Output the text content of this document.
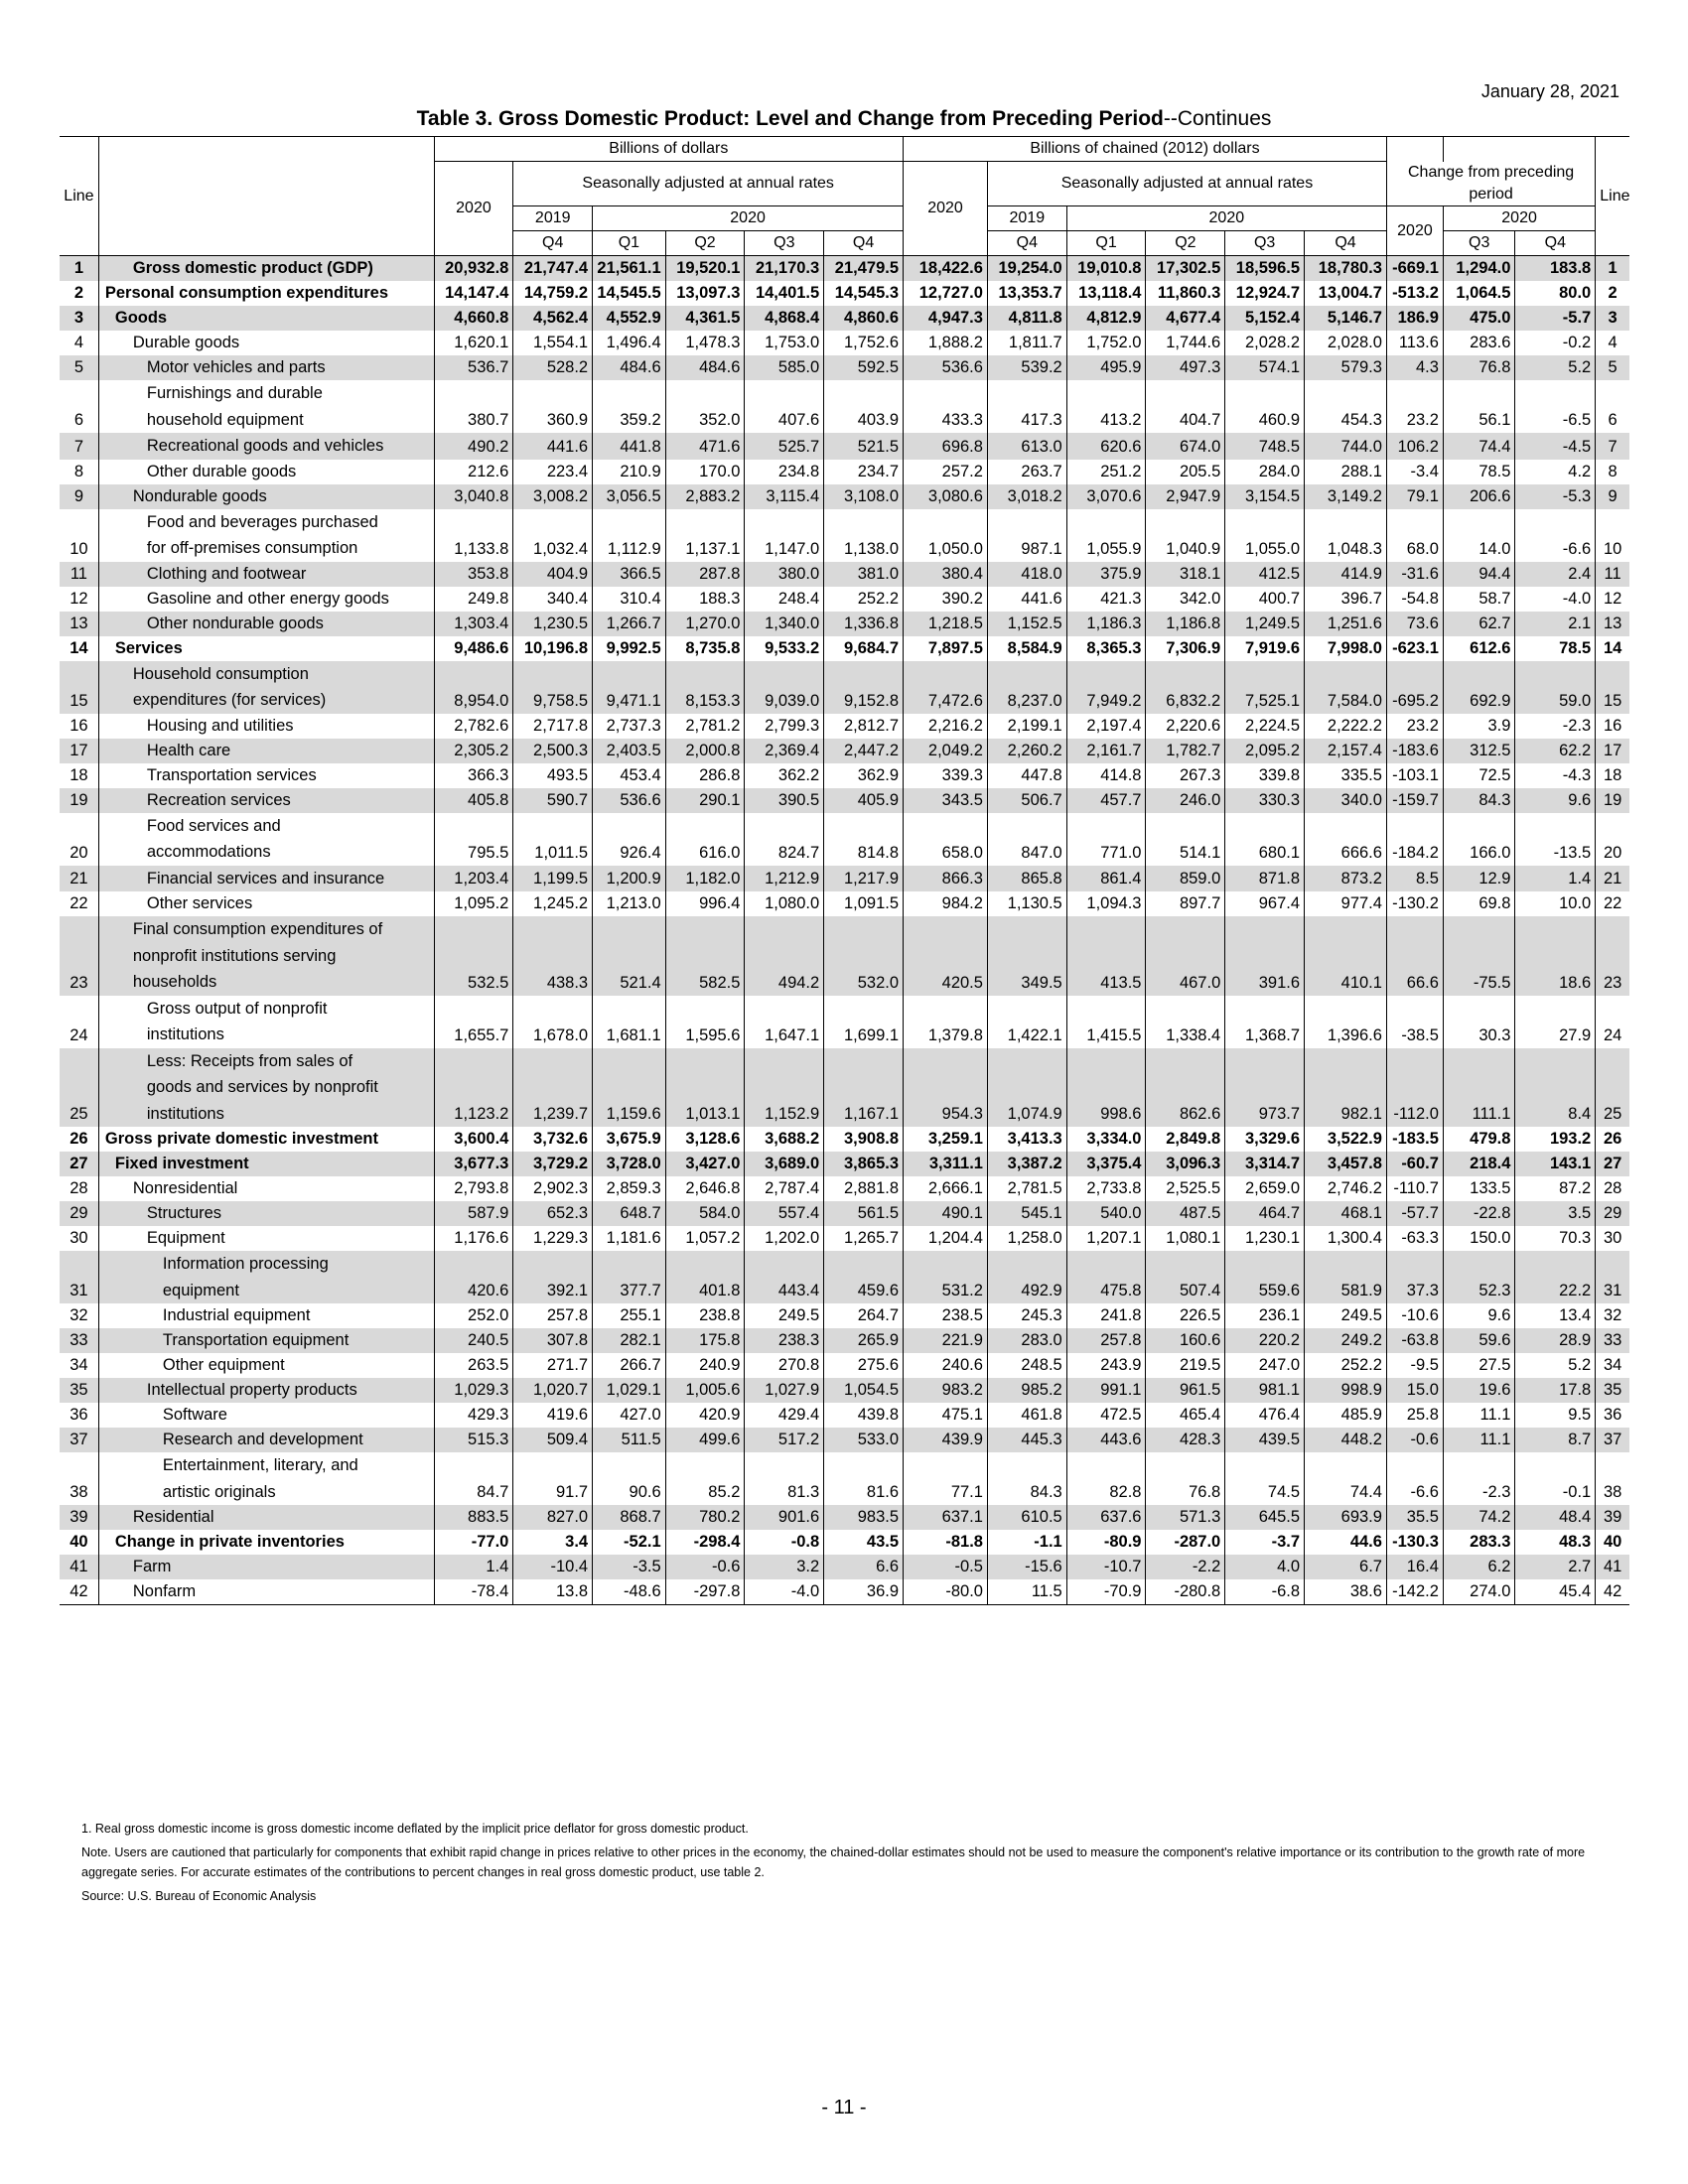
January 28, 2021
Table 3. Gross Domestic Product: Level and Change from Preceding Period--Continues
Line		Billions of dollars						Billions of chained (2012) dollars									Line
		2020	Seasonally adjusted at annual rates					2020	Seasonally adjusted at annual rates					Change from preceding period			
			2019	2020					2019	2020				2020	2020		
			Q4	Q1	Q2	Q3	Q4		Q4	Q1	Q2	Q3	Q4		Q3	Q4	
1	Gross domestic product (GDP)	20,932.8	21,747.4	21,561.1	19,520.1	21,170.3	21,479.5	18,422.6	19,254.0	19,010.8	17,302.5	18,596.5	18,780.3	-669.1	1,294.0	183.8	1
2	Personal consumption expenditures	14,147.4	14,759.2	14,545.5	13,097.3	14,401.5	14,545.3	12,727.0	13,353.7	13,118.4	11,860.3	12,924.7	13,004.7	-513.2	1,064.5	80.0	2
3	Goods	4,660.8	4,562.4	4,552.9	4,361.5	4,868.4	4,860.6	4,947.3	4,811.8	4,812.9	4,677.4	5,152.4	5,146.7	186.9	475.0	-5.7	3
4	Durable goods	1,620.1	1,554.1	1,496.4	1,478.3	1,753.0	1,752.6	1,888.2	1,811.7	1,752.0	1,744.6	2,028.2	2,028.0	113.6	283.6	-0.2	4
5	Motor vehicles and parts	536.7	528.2	484.6	484.6	585.0	592.5	536.6	539.2	495.9	497.3	574.1	579.3	4.3	76.8	5.2	5
6	Furnishings and durable household equipment	380.7	360.9	359.2	352.0	407.6	403.9	433.3	417.3	413.2	404.7	460.9	454.3	23.2	56.1	-6.5	6
7	Recreational goods and vehicles	490.2	441.6	441.8	471.6	525.7	521.5	696.8	613.0	620.6	674.0	748.5	744.0	106.2	74.4	-4.5	7
8	Other durable goods	212.6	223.4	210.9	170.0	234.8	234.7	257.2	263.7	251.2	205.5	284.0	288.1	-3.4	78.5	4.2	8
9	Nondurable goods	3,040.8	3,008.2	3,056.5	2,883.2	3,115.4	3,108.0	3,080.6	3,018.2	3,070.6	2,947.9	3,154.5	3,149.2	79.1	206.6	-5.3	9
10	Food and beverages purchased for off-premises consumption	1,133.8	1,032.4	1,112.9	1,137.1	1,147.0	1,138.0	1,050.0	987.1	1,055.9	1,040.9	1,055.0	1,048.3	68.0	14.0	-6.6	10
11	Clothing and footwear	353.8	404.9	366.5	287.8	380.0	381.0	380.4	418.0	375.9	318.1	412.5	414.9	-31.6	94.4	2.4	11
12	Gasoline and other energy goods	249.8	340.4	310.4	188.3	248.4	252.2	390.2	441.6	421.3	342.0	400.7	396.7	-54.8	58.7	-4.0	12
13	Other nondurable goods	1,303.4	1,230.5	1,266.7	1,270.0	1,340.0	1,336.8	1,218.5	1,152.5	1,186.3	1,186.8	1,249.5	1,251.6	73.6	62.7	2.1	13
14	Services	9,486.6	10,196.8	9,992.5	8,735.8	9,533.2	9,684.7	7,897.5	8,584.9	8,365.3	7,306.9	7,919.6	7,998.0	-623.1	612.6	78.5	14
15	Household consumption expenditures (for services)	8,954.0	9,758.5	9,471.1	8,153.3	9,039.0	9,152.8	7,472.6	8,237.0	7,949.2	6,832.2	7,525.1	7,584.0	-695.2	692.9	59.0	15
16	Housing and utilities	2,782.6	2,717.8	2,737.3	2,781.2	2,799.3	2,812.7	2,216.2	2,199.1	2,197.4	2,220.6	2,224.5	2,222.2	23.2	3.9	-2.3	16
17	Health care	2,305.2	2,500.3	2,403.5	2,000.8	2,369.4	2,447.2	2,049.2	2,260.2	2,161.7	1,782.7	2,095.2	2,157.4	-183.6	312.5	62.2	17
18	Transportation services	366.3	493.5	453.4	286.8	362.2	362.9	339.3	447.8	414.8	267.3	339.8	335.5	-103.1	72.5	-4.3	18
19	Recreation services	405.8	590.7	536.6	290.1	390.5	405.9	343.5	506.7	457.7	246.0	330.3	340.0	-159.7	84.3	9.6	19
20	Food services and accommodations	795.5	1,011.5	926.4	616.0	824.7	814.8	658.0	847.0	771.0	514.1	680.1	666.6	-184.2	166.0	-13.5	20
21	Financial services and insurance	1,203.4	1,199.5	1,200.9	1,182.0	1,212.9	1,217.9	866.3	865.8	861.4	859.0	871.8	873.2	8.5	12.9	1.4	21
22	Other services	1,095.2	1,245.2	1,213.0	996.4	1,080.0	1,091.5	984.2	1,130.5	1,094.3	897.7	967.4	977.4	-130.2	69.8	10.0	22
23	Final consumption expenditures of nonprofit institutions serving households	532.5	438.3	521.4	582.5	494.2	532.0	420.5	349.5	413.5	467.0	391.6	410.1	66.6	-75.5	18.6	23
24	Gross output of nonprofit institutions	1,655.7	1,678.0	1,681.1	1,595.6	1,647.1	1,699.1	1,379.8	1,422.1	1,415.5	1,338.4	1,368.7	1,396.6	-38.5	30.3	27.9	24
25	Less: Receipts from sales of goods and services by nonprofit institutions	1,123.2	1,239.7	1,159.6	1,013.1	1,152.9	1,167.1	954.3	1,074.9	998.6	862.6	973.7	982.1	-112.0	111.1	8.4	25
26	Gross private domestic investment	3,600.4	3,732.6	3,675.9	3,128.6	3,688.2	3,908.8	3,259.1	3,413.3	3,334.0	2,849.8	3,329.6	3,522.9	-183.5	479.8	193.2	26
27	Fixed investment	3,677.3	3,729.2	3,728.0	3,427.0	3,689.0	3,865.3	3,311.1	3,387.2	3,375.4	3,096.3	3,314.7	3,457.8	-60.7	218.4	143.1	27
28	Nonresidential	2,793.8	2,902.3	2,859.3	2,646.8	2,787.4	2,881.8	2,666.1	2,781.5	2,733.8	2,525.5	2,659.0	2,746.2	-110.7	133.5	87.2	28
29	Structures	587.9	652.3	648.7	584.0	557.4	561.5	490.1	545.1	540.0	487.5	464.7	468.1	-57.7	-22.8	3.5	29
30	Equipment	1,176.6	1,229.3	1,181.6	1,057.2	1,202.0	1,265.7	1,204.4	1,258.0	1,207.1	1,080.1	1,230.1	1,300.4	-63.3	150.0	70.3	30
31	Information processing equipment	420.6	392.1	377.7	401.8	443.4	459.6	531.2	492.9	475.8	507.4	559.6	581.9	37.3	52.3	22.2	31
32	Industrial equipment	252.0	257.8	255.1	238.8	249.5	264.7	238.5	245.3	241.8	226.5	236.1	249.5	-10.6	9.6	13.4	32
33	Transportation equipment	240.5	307.8	282.1	175.8	238.3	265.9	221.9	283.0	257.8	160.6	220.2	249.2	-63.8	59.6	28.9	33
34	Other equipment	263.5	271.7	266.7	240.9	270.8	275.6	240.6	248.5	243.9	219.5	247.0	252.2	-9.5	27.5	5.2	34
35	Intellectual property products	1,029.3	1,020.7	1,029.1	1,005.6	1,027.9	1,054.5	983.2	985.2	991.1	961.5	981.1	998.9	15.0	19.6	17.8	35
36	Software	429.3	419.6	427.0	420.9	429.4	439.8	475.1	461.8	472.5	465.4	476.4	485.9	25.8	11.1	9.5	36
37	Research and development	515.3	509.4	511.5	499.6	517.2	533.0	439.9	445.3	443.6	428.3	439.5	448.2	-0.6	11.1	8.7	37
38	Entertainment, literary, and artistic originals	84.7	91.7	90.6	85.2	81.3	81.6	77.1	84.3	82.8	76.8	74.5	74.4	-6.6	-2.3	-0.1	38
39	Residential	883.5	827.0	868.7	780.2	901.6	983.5	637.1	610.5	637.6	571.3	645.5	693.9	35.5	74.2	48.4	39
40	Change in private inventories	-77.0	3.4	-52.1	-298.4	-0.8	43.5	-81.8	-1.1	-80.9	-287.0	-3.7	44.6	-130.3	283.3	48.3	40
41	Farm	1.4	-10.4	-3.5	-0.6	3.2	6.6	-0.5	-15.6	-10.7	-2.2	4.0	6.7	16.4	6.2	2.7	41
42	Nonfarm	-78.4	13.8	-48.6	-297.8	-4.0	36.9	-80.0	11.5	-70.9	-280.8	-6.8	38.6	-142.2	274.0	45.4	42

1. Real gross domestic income is gross domestic income deflated by the implicit price deflator for gross domestic product.

Note. Users are cautioned that particularly for components that exhibit rapid change in prices relative to other prices in the economy, the chained-dollar estimates should not be used to measure the component's relative importance or its contribution to the growth rate of more aggregate series. For accurate estimates of the contributions to percent changes in real gross domestic product, use table 2.

Source: U.S. Bureau of Economic Analysis

- 11 -
